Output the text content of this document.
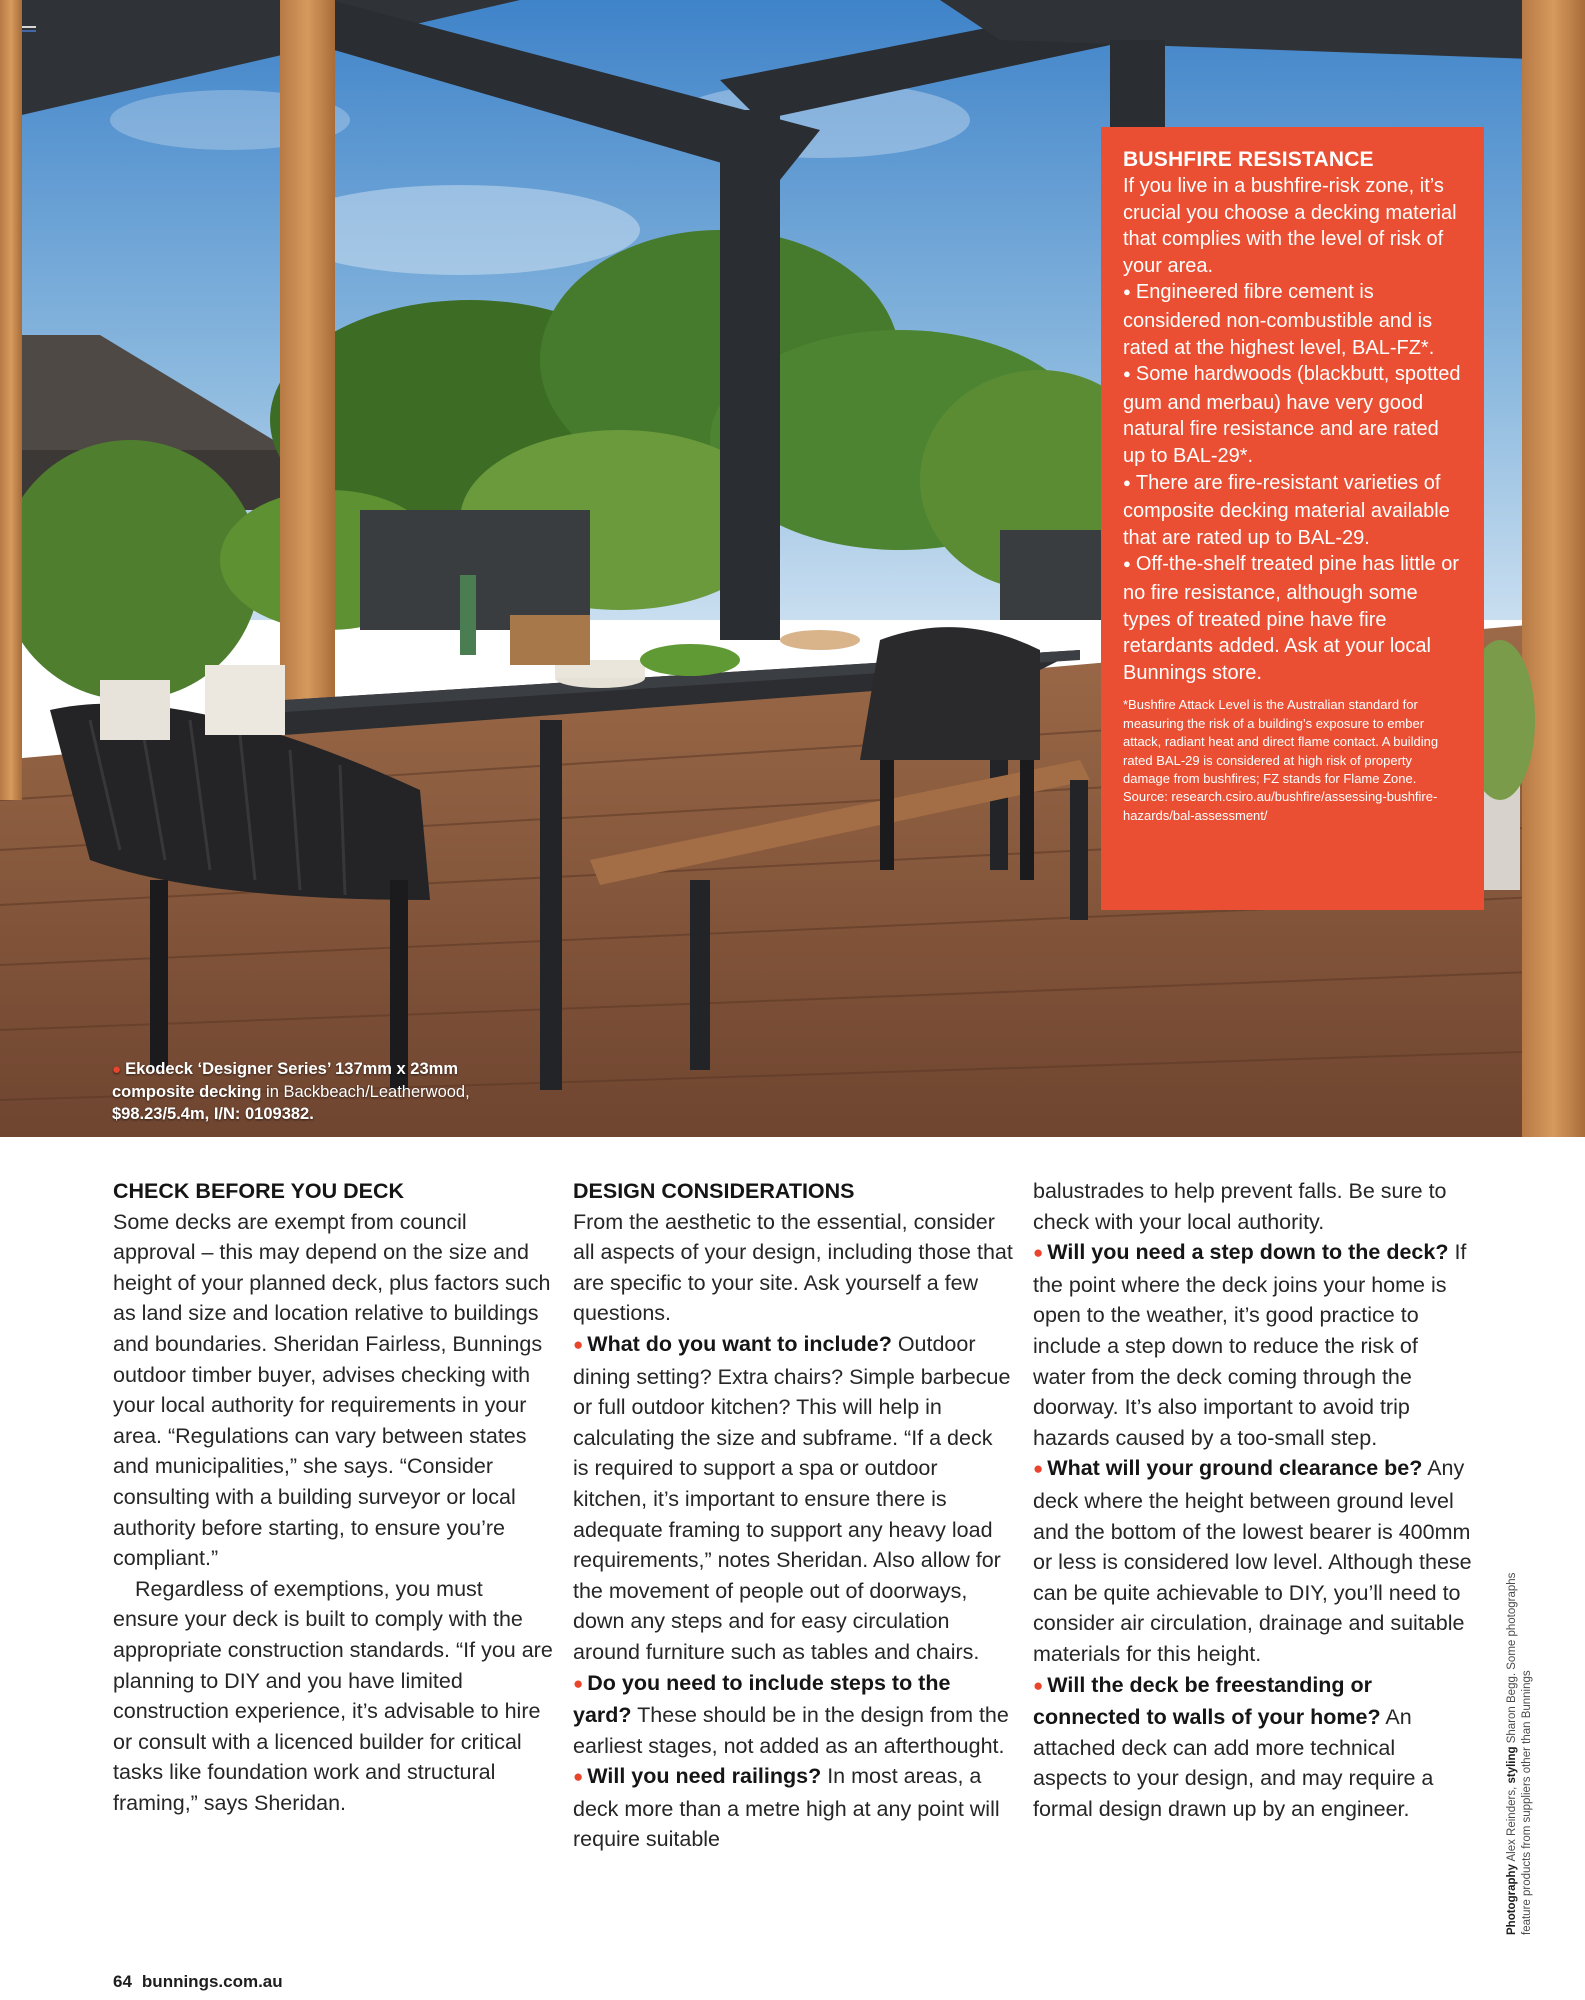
● Ekodeck ‘Designer Series’ 137mm x 23mm
composite decking in Backbeach/Leatherwood,
$98.23/5.4m, I/N: 0109382.
BUSHFIRE RESISTANCE

If you live in a bushfire-risk zone, it’s crucial you choose a decking material that complies with the level of risk of your area.

● Engineered fibre cement is considered non-combustible and is rated at the highest level, BAL-FZ*.

● Some hardwoods (blackbutt, spotted gum and merbau) have very good natural fire resistance and are rated up to BAL-29*.

● There are fire-resistant varieties of composite decking material available that are rated up to BAL-29.

● Off-the-shelf treated pine has little or no fire resistance, although some types of treated pine have fire retardants added. Ask at your local Bunnings store.

*Bushfire Attack Level is the Australian standard for measuring the risk of a building’s exposure to ember attack, radiant heat and direct flame contact. A building rated BAL-29 is considered at high risk of property damage from bushfires; FZ stands for Flame Zone. Source: research.csiro.au/bushfire/assessing-bushfire-hazards/bal-assessment/

CHECK BEFORE YOU DECK

Some decks are exempt from council approval – this may depend on the size and height of your planned deck, plus factors such as land size and location relative to buildings and boundaries. Sheridan Fairless, Bunnings outdoor timber buyer, advises checking with your local authority for requirements in your area. “Regulations can vary between states and municipalities,” she says. “Consider consulting with a building surveyor or local authority before starting, to ensure you’re compliant.”

Regardless of exemptions, you must ensure your deck is built to comply with the appropriate construction standards. “If you are planning to DIY and you have limited construction experience, it’s advisable to hire or consult with a licenced builder for critical tasks like foundation work and structural framing,” says Sheridan.

DESIGN CONSIDERATIONS

From the aesthetic to the essential, consider all aspects of your design, including those that are specific to your site. Ask yourself a few questions.

● What do you want to include? Outdoor dining setting? Extra chairs? Simple barbecue or full outdoor kitchen? This will help in calculating the size and subframe. “If a deck is required to support a spa or outdoor kitchen, it’s important to ensure there is adequate framing to support any heavy load requirements,” notes Sheridan. Also allow for the movement of people out of doorways, down any steps and for easy circulation around furniture such as tables and chairs.

● Do you need to include steps to the yard? These should be in the design from the earliest stages, not added as an afterthought.

● Will you need railings? In most areas, a deck more than a metre high at any point will require suitable

balustrades to help prevent falls. Be sure to check with your local authority.

● Will you need a step down to the deck? If the point where the deck joins your home is open to the weather, it’s good practice to include a step down to reduce the risk of water from the deck coming through the doorway. It’s also important to avoid trip hazards caused by a too-small step.

● What will your ground clearance be? Any deck where the height between ground level and the bottom of the lowest bearer is 400mm or less is considered low level. Although these can be quite achievable to DIY, you’ll need to consider air circulation, drainage and suitable materials for this height.

● Will the deck be freestanding or connected to walls of your home? An attached deck can add more technical aspects to your design, and may require a formal design drawn up by an engineer.

Photography Alex Reinders, styling Sharon Begg. Some photographs
feature products from suppliers other than Bunnings
64 bunnings.com.au
